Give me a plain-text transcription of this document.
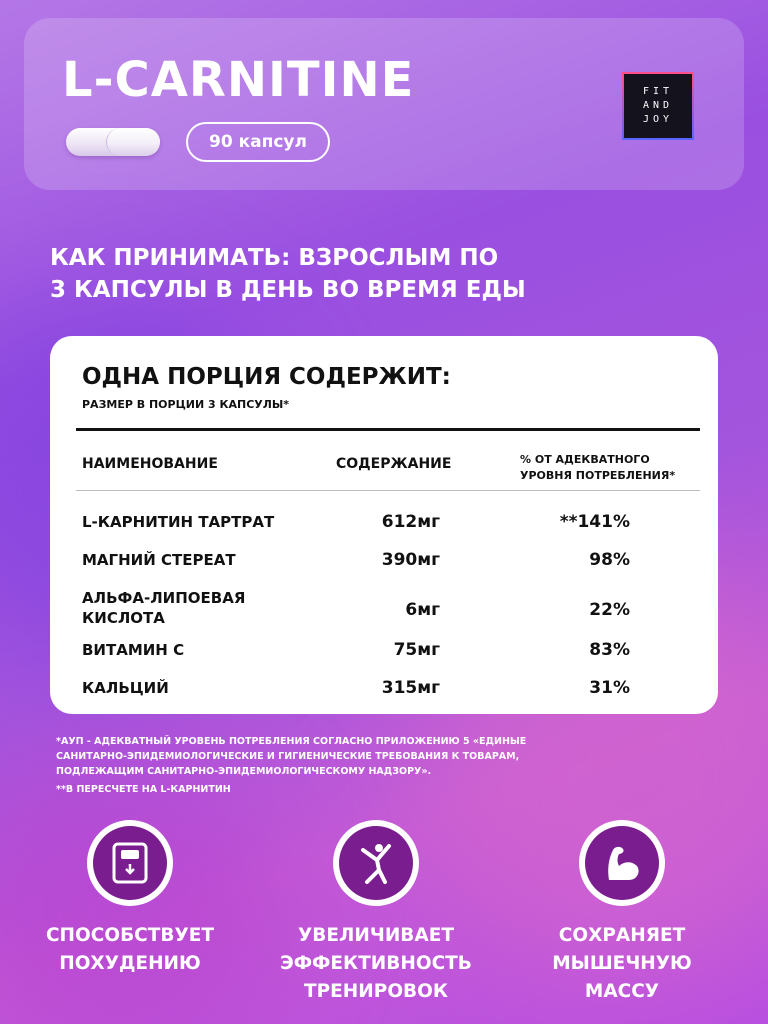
L-CARNITINE
90 капсул
FIT
AND
JOY
КАК ПРИНИМАТЬ: ВЗРОСЛЫМ ПО
3 КАПСУЛЫ В ДЕНЬ ВО ВРЕМЯ ЕДЫ
ОДНА ПОРЦИЯ СОДЕРЖИТ:
РАЗМЕР В ПОРЦИИ 3 КАПСУЛЫ*
НАИМЕНОВАНИЕ	СОДЕРЖАНИЕ	% ОТ АДЕКВАТНОГО
УРОВНЯ ПОТРЕБЛЕНИЯ*
L-КАРНИТИН ТАРТРАТ	612мг	**141%
МАГНИЙ СТЕРЕАТ	390мг	98%
АЛЬФА-ЛИПОЕВАЯ
КИСЛОТА	6мг	22%
ВИТАМИН С	75мг	83%
КАЛЬЦИЙ	315мг	31%
*АУП - АДЕКВАТНЫЙ УРОВЕНЬ ПОТРЕБЛЕНИЯ СОГЛАСНО ПРИЛОЖЕНИЮ 5 «ЕДИНЫЕ
САНИТАРНО-ЭПИДЕМИОЛОГИЧЕСКИЕ И ГИГИЕНИЧЕСКИЕ ТРЕБОВАНИЯ К ТОВАРАМ,
ПОДЛЕЖАЩИМ САНИТАРНО-ЭПИДЕМИОЛОГИЧЕСКОМУ НАДЗОРУ».
**В ПЕРЕСЧЕТЕ НА L-КАРНИТИН
СПОСОБСТВУЕТ
ПОХУДЕНИЮ
УВЕЛИЧИВАЕТ
ЭФФЕКТИВНОСТЬ
ТРЕНИРОВОК
СОХРАНЯЕТ
МЫШЕЧНУЮ
МАССУ
